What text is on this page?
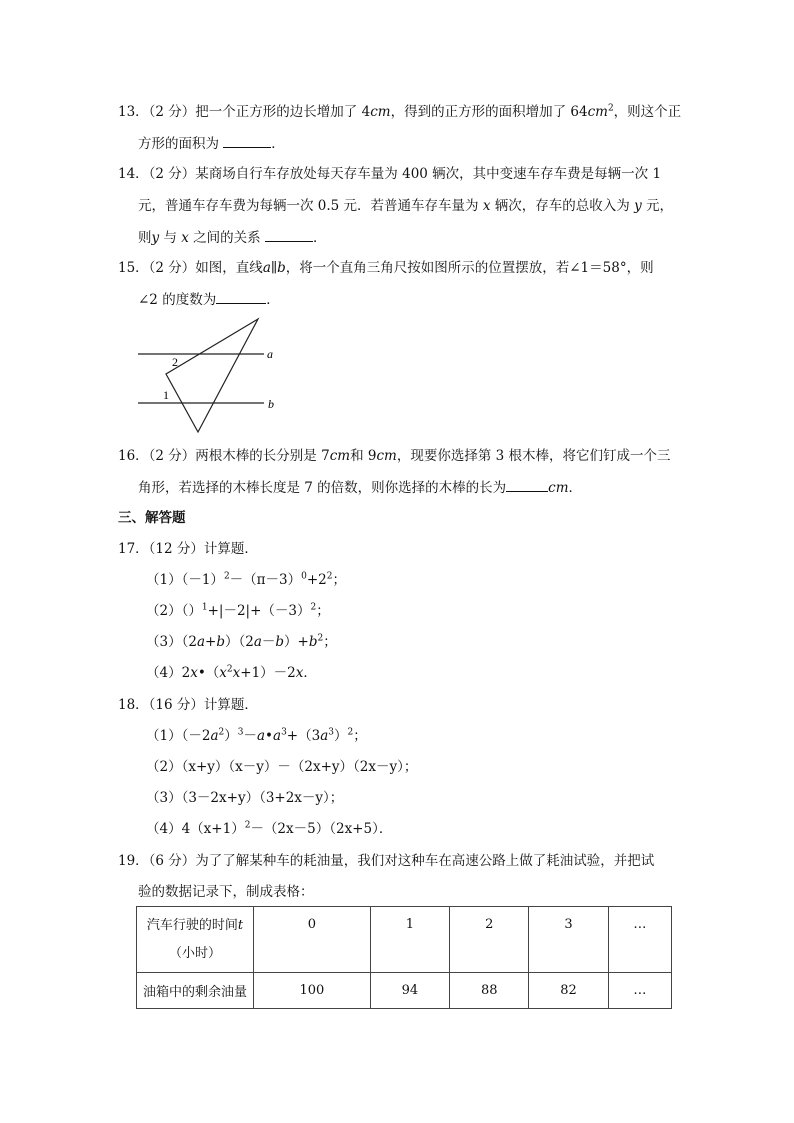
13．（2 分）把一个正方形的边长增加了 4cm，得到的正方形的面积增加了 $64cm^2$，则这个正
方形的面积为	．
14．（2 分）某商场自行车存放处每天存车量为 400 辆次，其中变速车存车费是每辆一次 1
元，普通车存车费为每辆一次 0.5 元．若普通车存车量为 x 辆次，存车的总收入为 y 元，
则y 与 x 之间的关系	．
15．（2 分）如图，直线a∥b，将一个直角三角尺按如图所示的位置摆放，若∠1＝58°，则
∠2 的度数为	．
a
b
2
1
16．（2 分）两根木棒的长分别是 7cm和 9cm，现要你选择第 3 根木棒，将它们钉成一个三
角形，若选择的木棒长度是 7 的倍数，则你选择的木棒的长为	cm．
三、解答题
17．（12 分）计算题．
$(1)(-1)^2-(\pi-3)^0+2^2$；
$(2)()^1+|-2|+(-3)^2$；
$(3)(2a+b)(2a-b)+b^2$；
$(4)2x•(x^2x+1)-2x$．
18．（16 分）计算题．
$(1)(-2a^2)^3-a•a^3+(3a^3)^2$；
（2）（x+y）（x－y）－（2x+y）（2x－y）；
（3）（3－2x+y）（3+2x－y）；
$(4)4(x+1)^2-(2x-5)(2x+5)$．
19．（6 分）为了了解某种车的耗油量，我们对这种车在高速公路上做了耗油试验，并把试
验的数据记录下，制成表格：
汽车行驶的时间t
（小时）	0	1	2	3	…
油箱中的剩余油量	100	94	88	82	…
